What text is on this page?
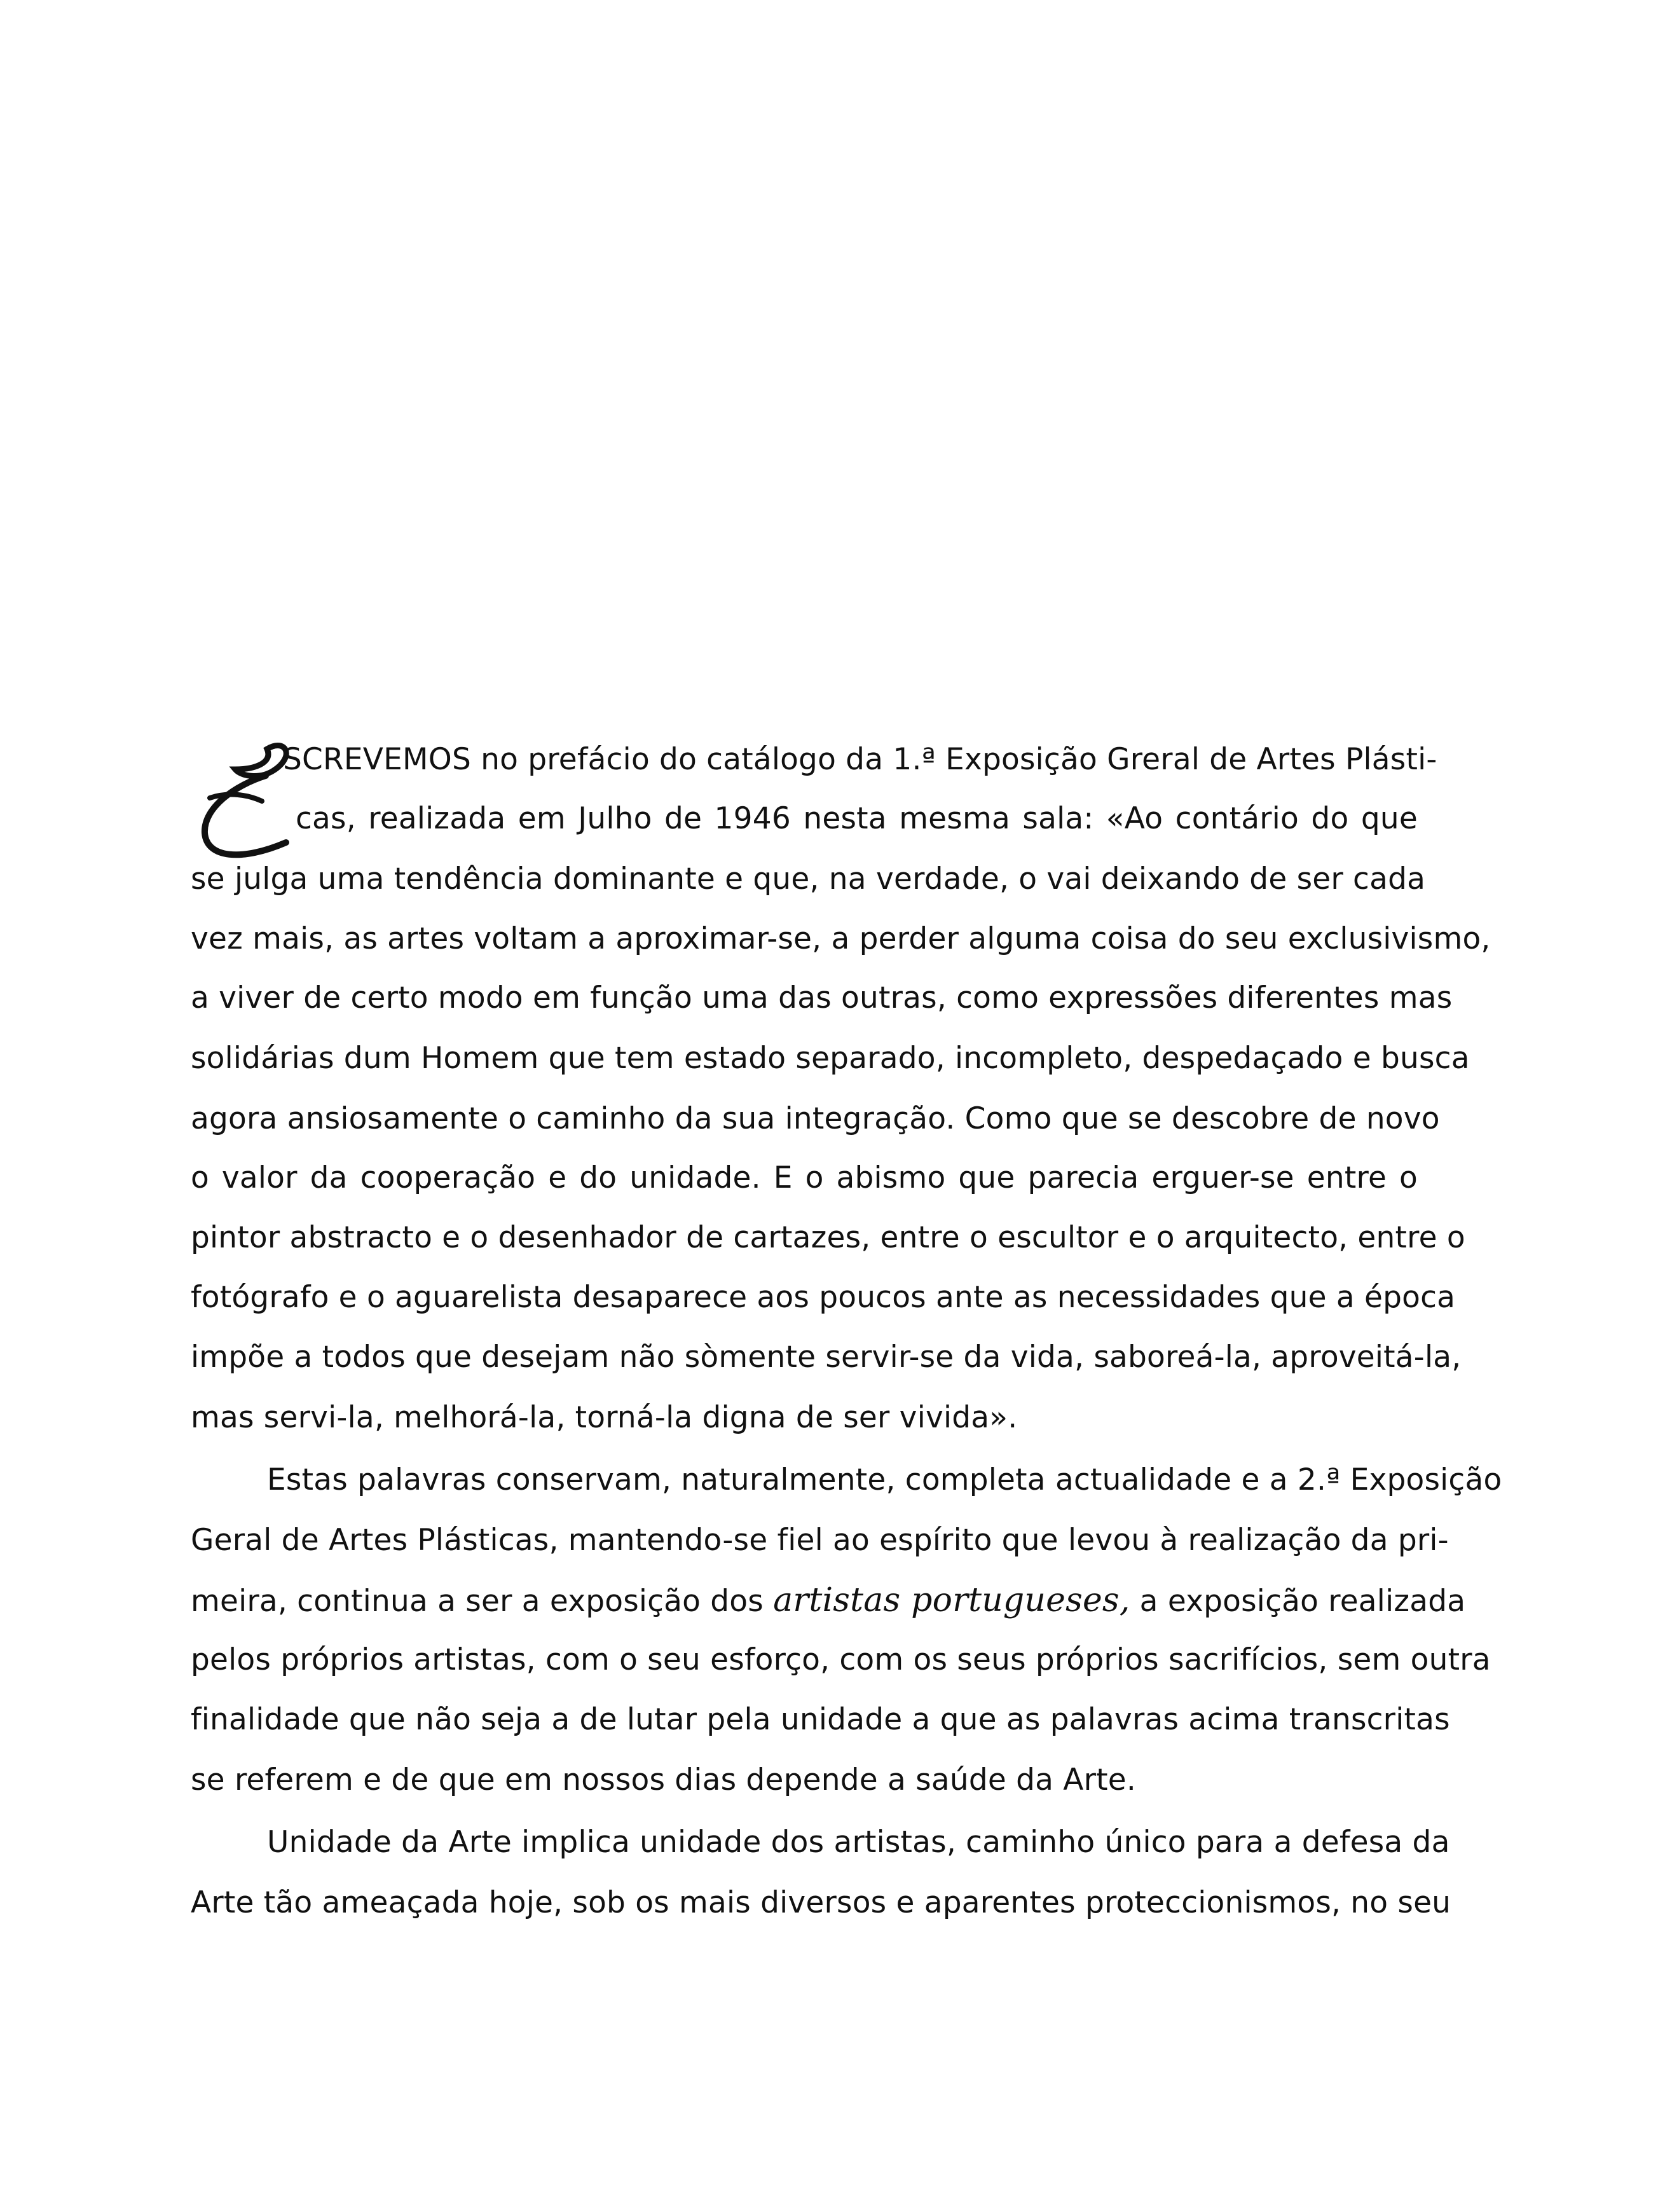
SCREVEMOS no prefácio do catálogo da 1.ª Exposição Greral de Artes Plásti-
cas, realizada em Julho de 1946 nesta mesma sala: «Ao contário do que
se julga uma tendência dominante e que, na verdade, o vai deixando de ser cada
vez mais, as artes voltam a aproximar-se, a perder alguma coisa do seu exclusivismo,
a viver de certo modo em função uma das outras, como expressões diferentes mas
solidárias dum Homem que tem estado separado, incompleto, despedaçado e busca
agora ansiosamente o caminho da sua integração. Como que se descobre de novo
o valor da cooperação e do unidade. E o abismo que parecia erguer-se entre o
pintor abstracto e o desenhador de cartazes, entre o escultor e o arquitecto, entre o
fotógrafo e o aguarelista desaparece aos poucos ante as necessidades que a época
impõe a todos que desejam não sòmente servir-se da vida, saboreá-la, aproveitá-la,
mas servi-la, melhorá-la, torná-la digna de ser vivida».
Estas palavras conservam, naturalmente, completa actualidade e a 2.ª Exposição
Geral de Artes Plásticas, mantendo-se fiel ao espírito que levou à realização da pri-
meira, continua a ser a exposição dos artistas portugueses, a exposição realizada
pelos próprios artistas, com o seu esforço, com os seus próprios sacrifícios, sem outra
finalidade que não seja a de lutar pela unidade a que as palavras acima transcritas
se referem e de que em nossos dias depende a saúde da Arte.
Unidade da Arte implica unidade dos artistas, caminho único para a defesa da
Arte tão ameaçada hoje, sob os mais diversos e aparentes proteccionismos, no seu
